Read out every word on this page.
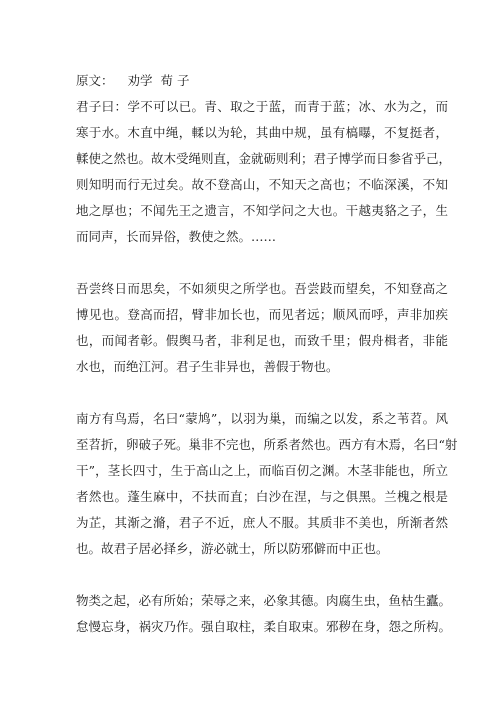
原文： 劝学 荀 子

君子曰：学不可以已。青、取之于蓝，而青于蓝；冰、水为之，而
寒于水。木直中绳，輮以为轮，其曲中规，虽有槁曝，不复挺者，
輮使之然也。故木受绳则直，金就砺则利；君子博学而日参省乎己，
则知明而行无过矣。故不登高山，不知天之高也；不临深溪，不知
地之厚也；不闻先王之遗言，不知学问之大也。干越夷貉之子，生
而同声，长而异俗，教使之然。……

吾尝终日而思矣，不如须臾之所学也。吾尝跂而望矣，不知登高之
博见也。登高而招，臂非加长也，而见者远；顺风而呼，声非加疾
也，而闻者彰。假舆马者，非利足也，而致千里；假舟楫者，非能
水也，而绝江河。君子生非异也，善假于物也。

南方有鸟焉，名曰“蒙鸠”，以羽为巢，而编之以发，系之苇苕。风
至苕折，卵破子死。巢非不完也，所系者然也。西方有木焉，名曰“射
干”，茎长四寸，生于高山之上，而临百仞之渊。木茎非能也，所立
者然也。蓬生麻中，不扶而直；白沙在涅，与之俱黑。兰槐之根是
为芷，其渐之滫，君子不近，庶人不服。其质非不美也，所渐者然
也。故君子居必择乡，游必就士，所以防邪僻而中正也。

物类之起，必有所始；荣辱之来，必象其德。肉腐生虫，鱼枯生蠹。
怠慢忘身，祸灾乃作。强自取柱，柔自取束。邪秽在身，怨之所构。
